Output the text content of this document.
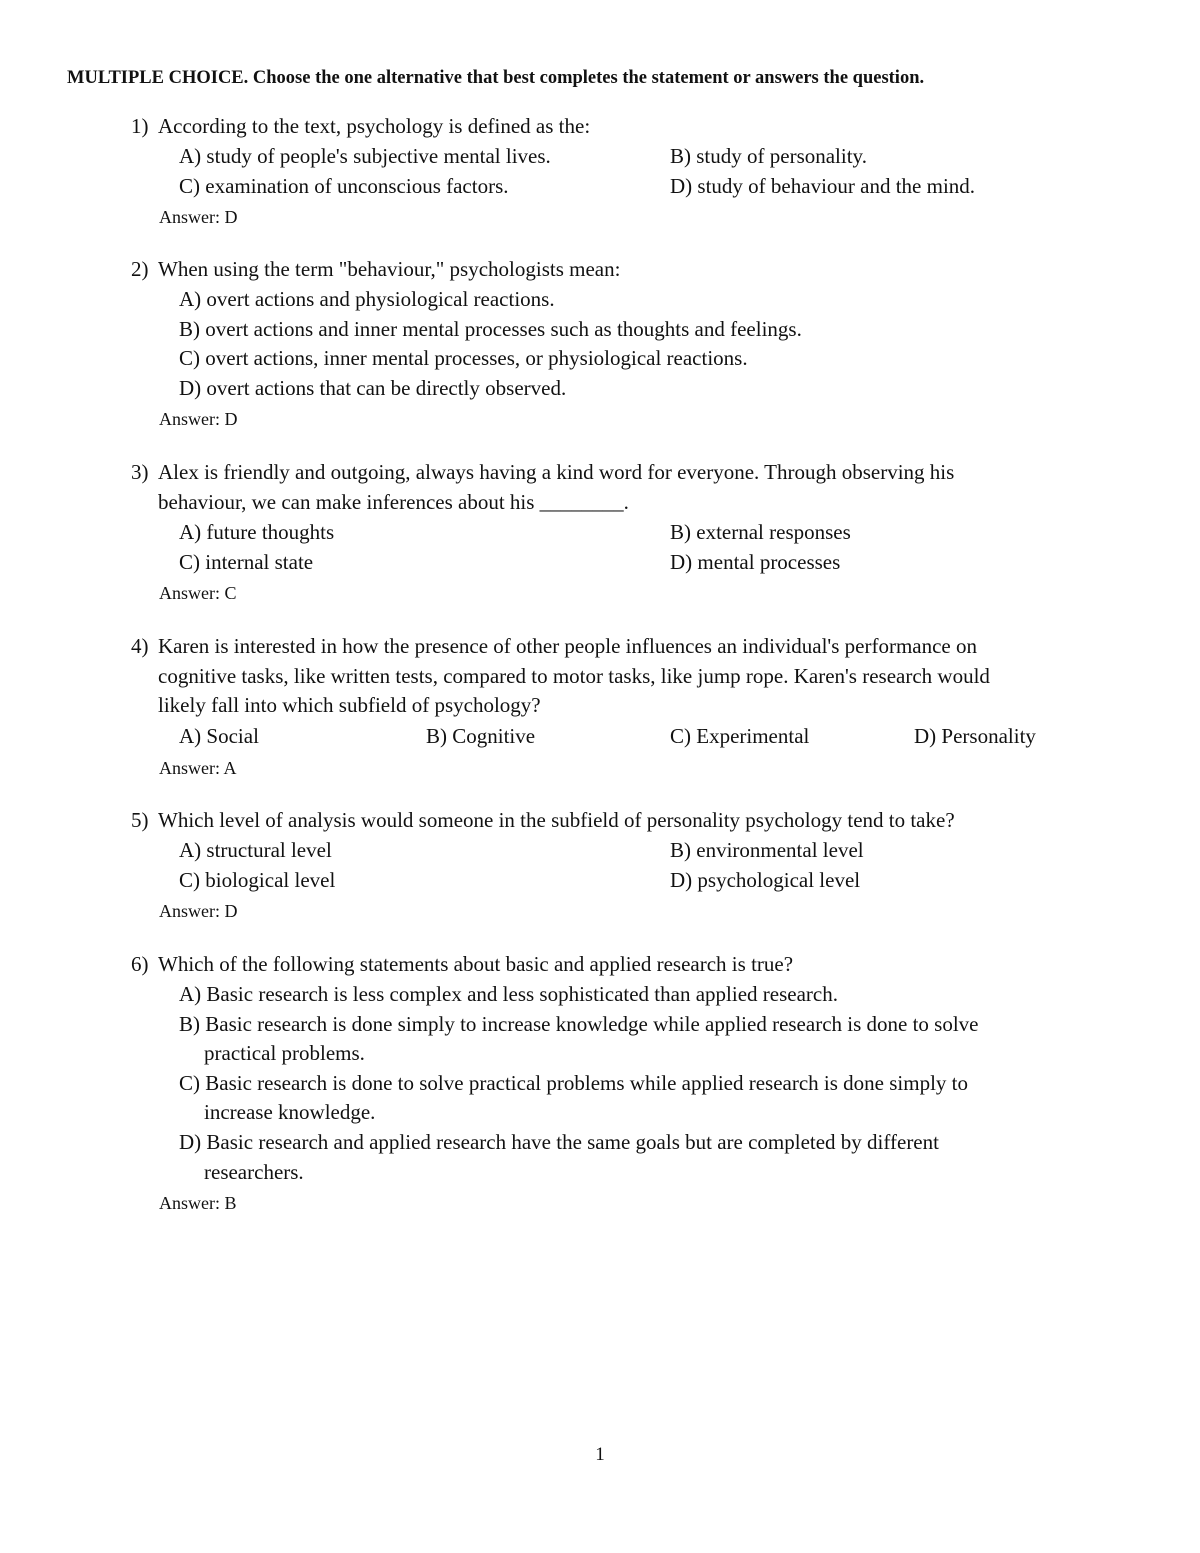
MULTIPLE CHOICE. Choose the one alternative that best completes the statement or answers the question.
1) According to the text, psychology is defined as the:
A) study of people's subjective mental lives.	B) study of personality.
C) examination of unconscious factors.	D) study of behaviour and the mind.
Answer: D
2) When using the term "behaviour," psychologists mean:
A) overt actions and physiological reactions.
B) overt actions and inner mental processes such as thoughts and feelings.
C) overt actions, inner mental processes, or physiological reactions.
D) overt actions that can be directly observed.
Answer: D
3) Alex is friendly and outgoing, always having a kind word for everyone. Through observing his
behaviour, we can make inferences about his ________.
A) future thoughts	B) external responses
C) internal state	D) mental processes
Answer: C
4) Karen is interested in how the presence of other people influences an individual's performance on
cognitive tasks, like written tests, compared to motor tasks, like jump rope. Karen's research would
likely fall into which subfield of psychology?
A) Social	B) Cognitive	C) Experimental	D) Personality
Answer: A
5) Which level of analysis would someone in the subfield of personality psychology tend to take?
A) structural level	B) environmental level
C) biological level	D) psychological level
Answer: D
6) Which of the following statements about basic and applied research is true?
A) Basic research is less complex and less sophisticated than applied research.
B) Basic research is done simply to increase knowledge while applied research is done to solve
practical problems.
C) Basic research is done to solve practical problems while applied research is done simply to
increase knowledge.
D) Basic research and applied research have the same goals but are completed by different
researchers.
Answer: B
1
